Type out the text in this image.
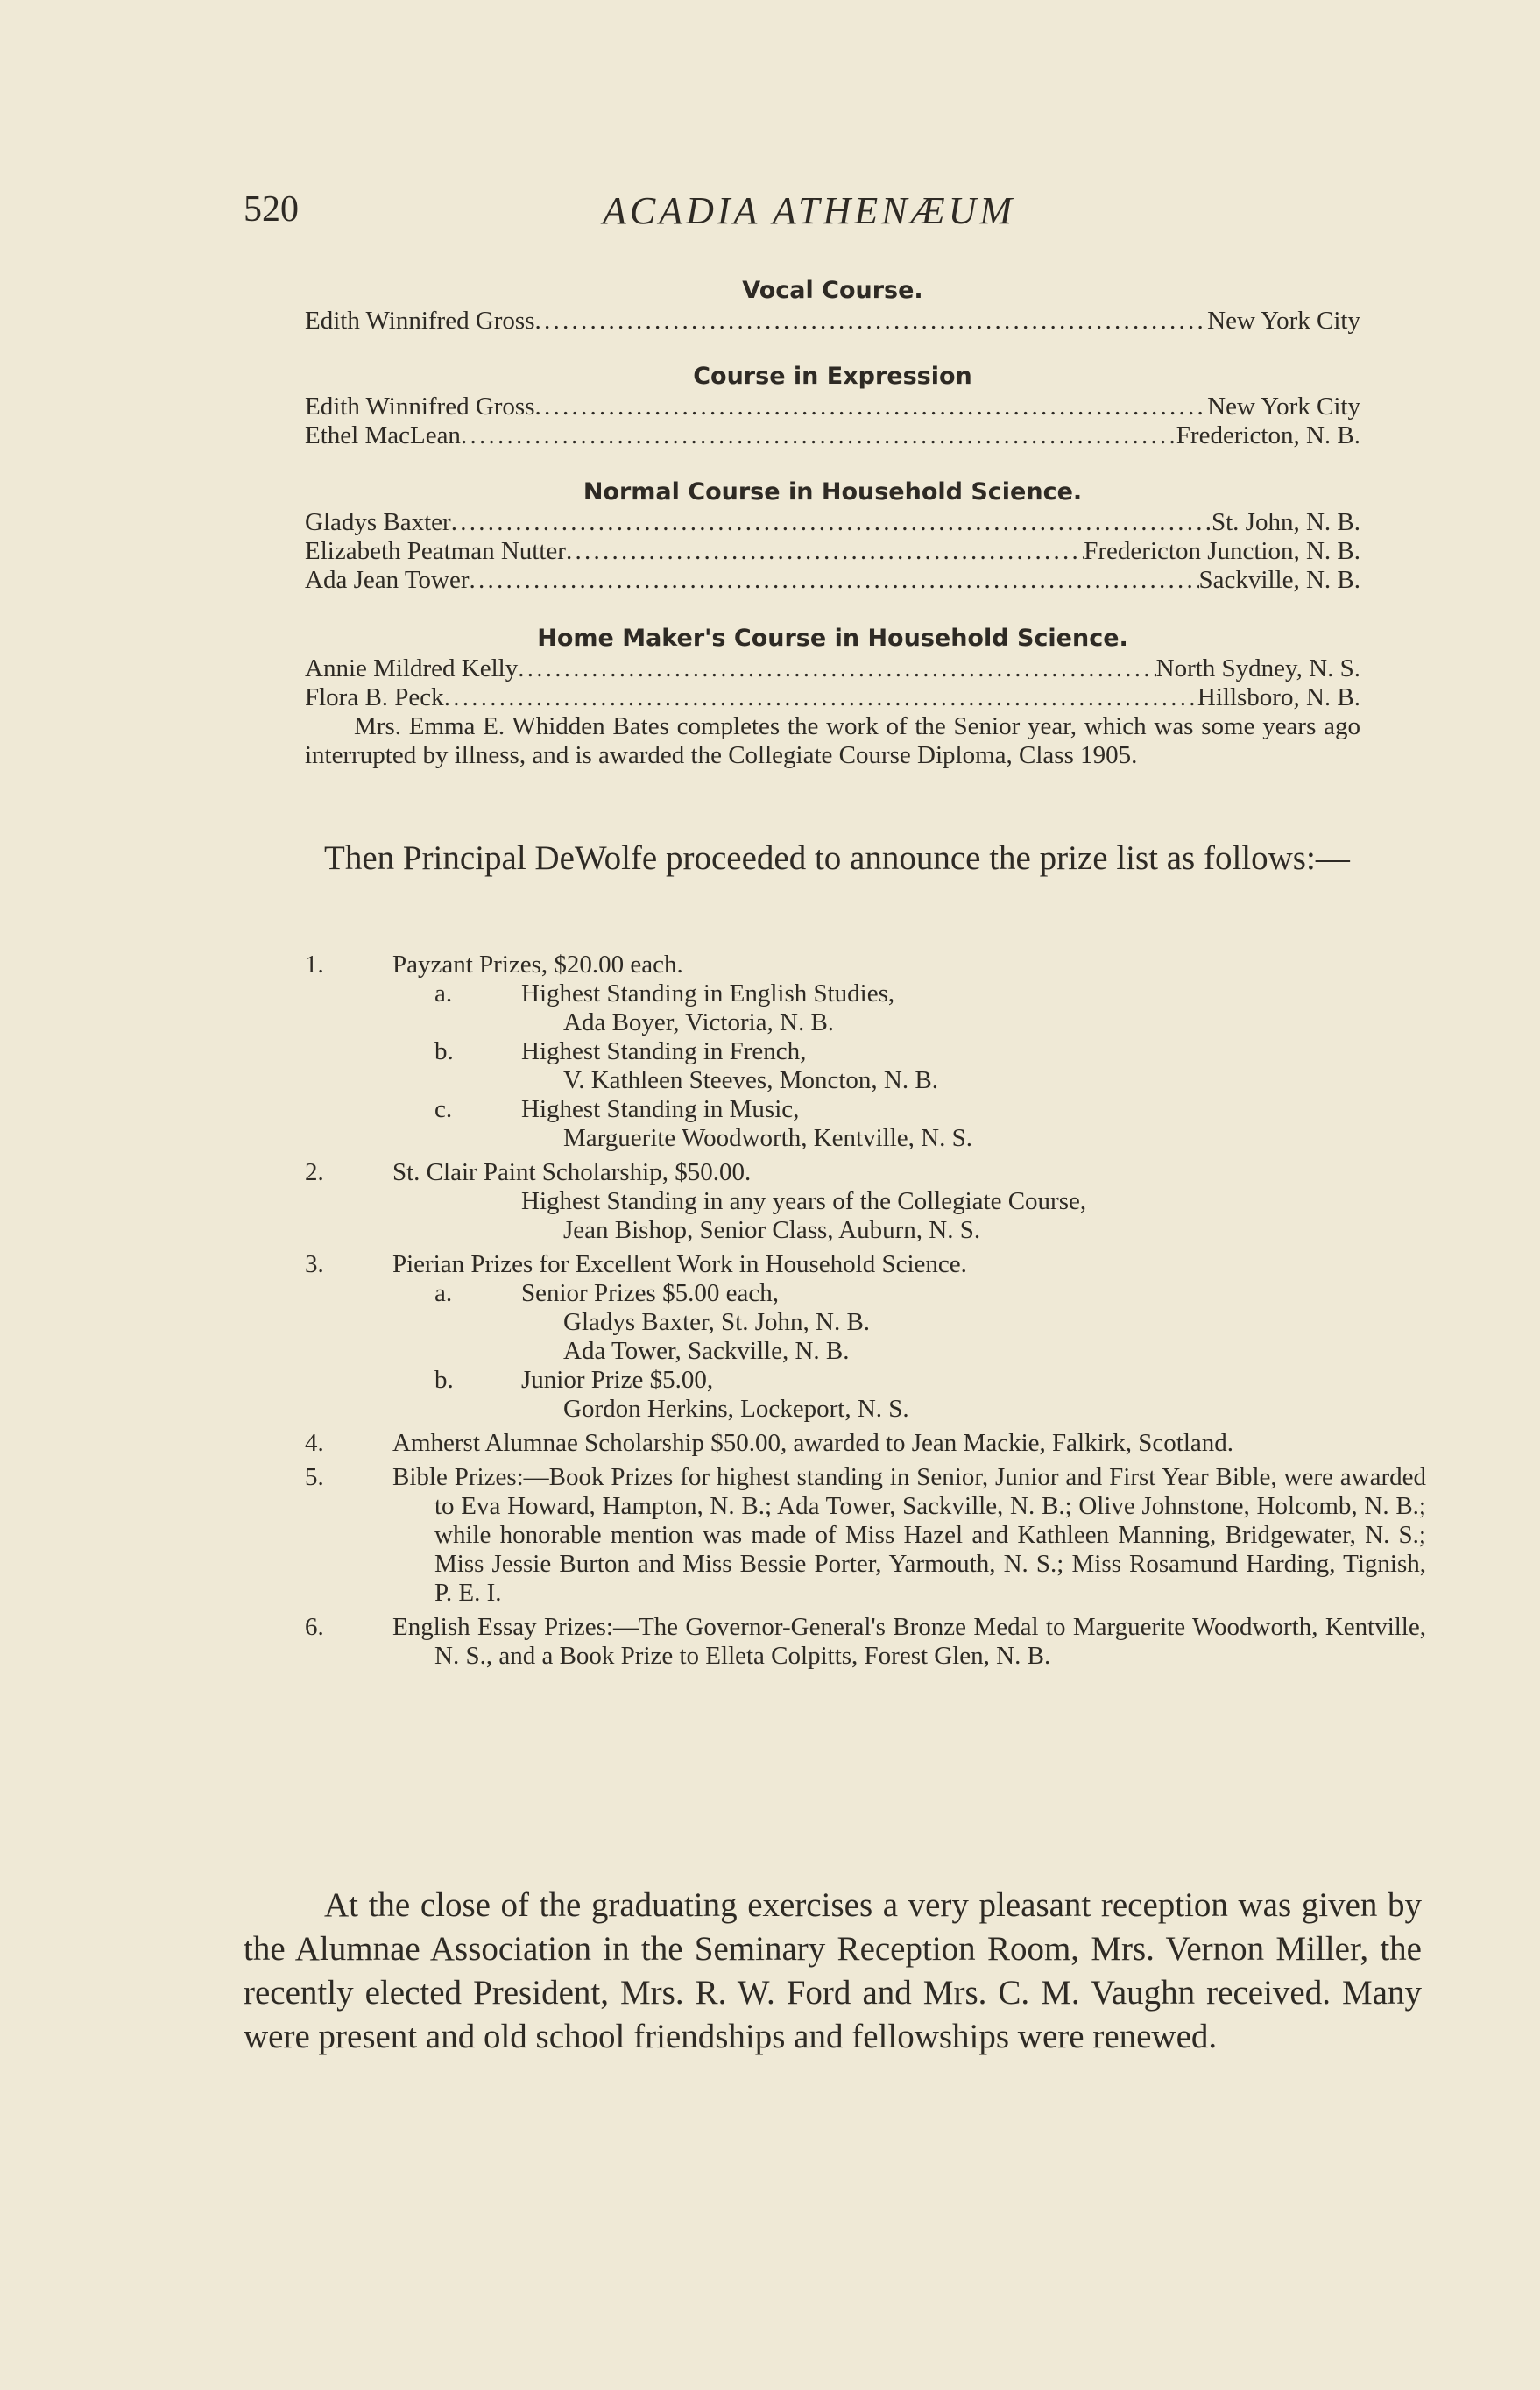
520	ACADIA ATHENÆUM
Vocal Course.
Edith Winnifred Gross . . .	New York City
Course in Expression
Edith Winnifred Gross . . .	New York City
Ethel MacLean . . .	Fredericton, N. B.
Normal Course in Household Science.
Gladys Baxter . . .	St. John, N. B.
Elizabeth Peatman Nutter . . .	Fredericton Junction, N. B.
Ada Jean Tower . . .	Sackville, N. B.
Home Maker's Course in Household Science.
Annie Mildred Kelly . . .	North Sydney, N. S.
Flora B. Peck . . .	Hillsboro, N. B.
Mrs. Emma E. Whidden Bates completes the work of the Senior year, which was some years ago interrupted by illness, and is awarded the Collegiate Course Diploma, Class 1905.
Then Principal DeWolfe proceeded to announce the prize list as follows:—
1.	Payzant Prizes, $20.00 each.
a.	Highest Standing in English Studies,
Ada Boyer, Victoria, N. B.
b.	Highest Standing in French,
V. Kathleen Steeves, Moncton, N. B.
c.	Highest Standing in Music,
Marguerite Woodworth, Kentville, N. S.
2.	St. Clair Paint Scholarship, $50.00.
Highest Standing in any years of the Collegiate Course,
Jean Bishop, Senior Class, Auburn, N. S.
3.	Pierian Prizes for Excellent Work in Household Science.
a.	Senior Prizes $5.00 each,
Gladys Baxter, St. John, N. B.
Ada Tower, Sackville, N. B.
b.	Junior Prize $5.00,
Gordon Herkins, Lockeport, N. S.
4.	Amherst Alumnae Scholarship $50.00, awarded to Jean Mackie, Falkirk, Scotland.
5.	Bible Prizes:—Book Prizes for highest standing in Senior, Junior and First Year Bible, were awarded to Eva Howard, Hampton, N. B.; Ada Tower, Sackville, N. B.; Olive Johnstone, Holcomb, N. B.; while honorable mention was made of Miss Hazel and Kathleen Manning, Bridgewater, N. S.; Miss Jessie Burton and Miss Bessie Porter, Yarmouth, N. S.; Miss Rosamund Harding, Tignish, P. E. I.
6.	English Essay Prizes:—The Governor-General's Bronze Medal to Marguerite Woodworth, Kentville, N. S., and a Book Prize to Elleta Colpitts, Forest Glen, N. B.
At the close of the graduating exercises a very pleasant reception was given by the Alumnae Association in the Seminary Reception Room, Mrs. Vernon Miller, the recently elected President, Mrs. R. W. Ford and Mrs. C. M. Vaughn received. Many were present and old school friendships and fellowships were renewed.
